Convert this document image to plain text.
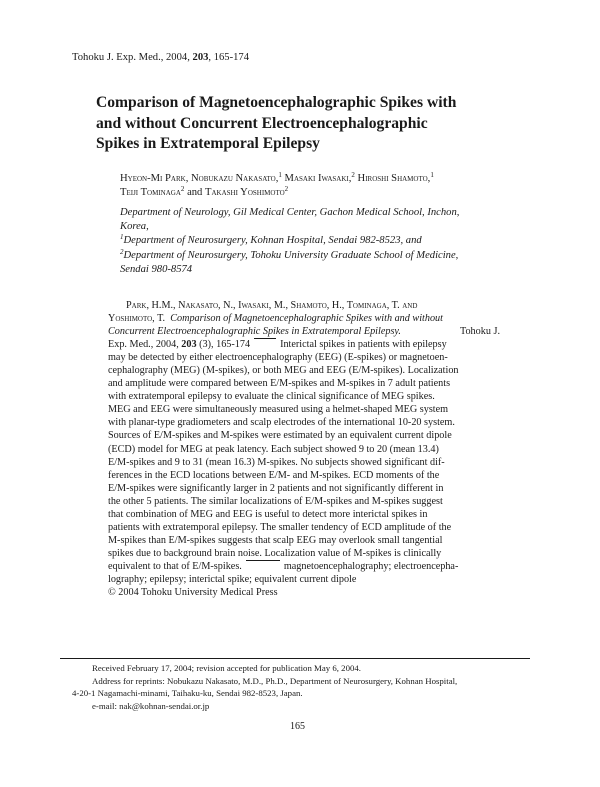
Tohoku J. Exp. Med., 2004, 203, 165-174
Comparison of Magnetoencephalographic Spikes with
and without Concurrent Electroencephalographic
Spikes in Extratemporal Epilepsy
Hyeon-Mi Park, Nobukazu Nakasato,$^1$ Masaki Iwasaki,$^2$ Hiroshi Shamoto,$^1$
Teiji Tominaga$^2$ and Takashi Yoshimoto$^2$
Department of Neurology, Gil Medical Center, Gachon Medical School, Inchon,
Korea,
$^1$Department of Neurosurgery, Kohnan Hospital, Sendai 982-8523, and
$^2$Department of Neurosurgery, Tohoku University Graduate School of Medicine,
Sendai 980-8574
Park, H.M., Nakasato, N., Iwasaki, M., Shamoto, H., Tominaga, T. and
Yoshimoto, T. Comparison of Magnetoencephalographic Spikes with and without
Concurrent Electroencephalographic Spikes in Extratemporal Epilepsy.	Tohoku J.
Exp. Med., 2004,
203
(3), 165-174	Interictal spikes in patients with epilepsy
may be detected by either electroencephalography (EEG) (E-spikes) or magnetoen-
cephalography (MEG) (M-spikes), or both MEG and EEG (E/M-spikes). Localization
and amplitude were compared between E/M-spikes and M-spikes in 7 adult patients
with extratemporal epilepsy to evaluate the clinical significance of MEG spikes.
MEG and EEG were simultaneously measured using a helmet-shaped MEG system
with planar-type gradiometers and scalp electrodes of the international 10-20 system.
Sources of E/M-spikes and M-spikes were estimated by an equivalent current dipole
(ECD) model for MEG at peak latency. Each subject showed 9 to 20 (mean 13.4)
E/M-spikes and 9 to 31 (mean 16.3) M-spikes. No subjects showed significant dif-
ferences in the ECD locations between E/M- and M-spikes. ECD moments of the
E/M-spikes were significantly larger in 2 patients and not significantly different in
the other 5 patients. The similar localizations of E/M-spikes and M-spikes suggest
that combination of MEG and EEG is useful to detect more interictal spikes in
patients with extratemporal epilepsy. The smaller tendency of ECD amplitude of the
M-spikes than E/M-spikes suggests that scalp EEG may overlook small tangential
spikes due to background brain noise. Localization value of M-spikes is clinically
equivalent to that of E/M-spikes.	magnetoencephalography; electroencepha-
lography; epilepsy; interictal spike; equivalent current dipole
© 2004 Tohoku University Medical Press
Received February 17, 2004; revision accepted for publication May 6, 2004.
Address for reprints: Nobukazu Nakasato, M.D., Ph.D., Department of Neurosurgery, Kohnan Hospital,
4-20-1 Nagamachi-minami, Taihaku-ku, Sendai 982-8523, Japan.
e-mail: nak@kohnan-sendai.or.jp
165
